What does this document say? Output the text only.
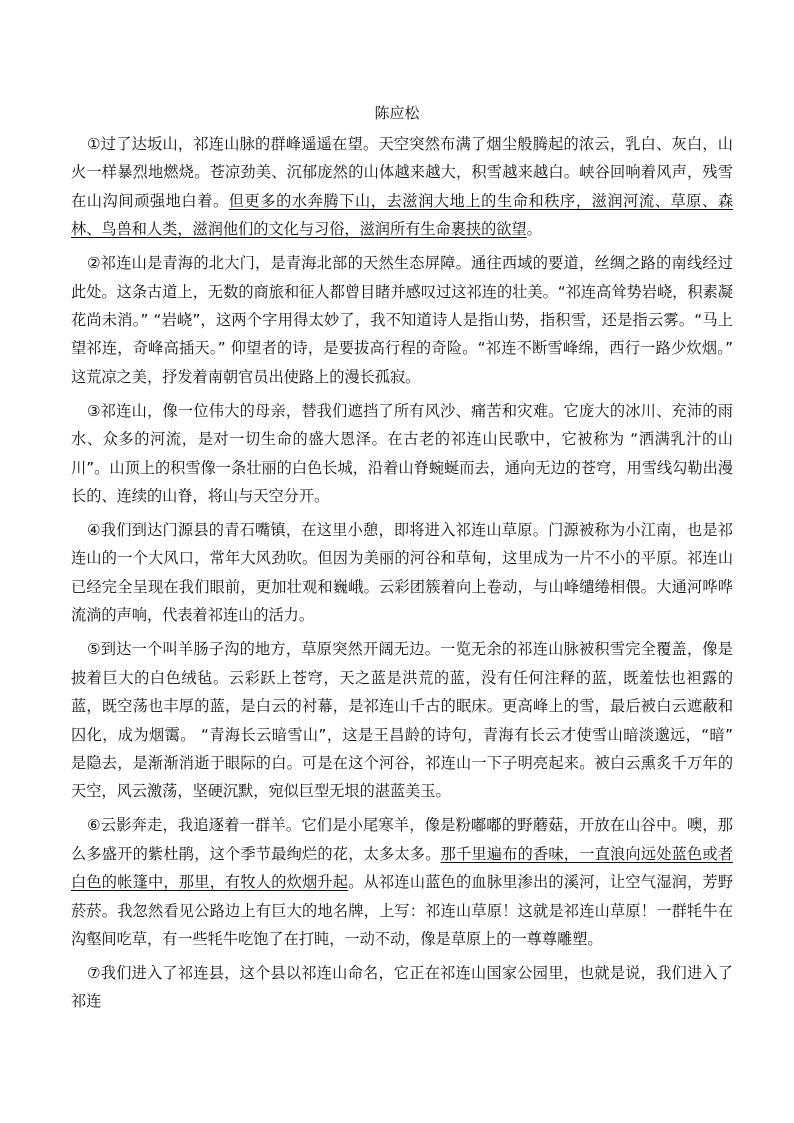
陈应松

①过了达坂山，祁连山脉的群峰遥遥在望。天空突然布满了烟尘般腾起的浓云，乳白、灰白，山火一样暴烈地燃烧。苍凉劲美、沉郁庞然的山体越来越大，积雪越来越白。峡谷回响着风声，残雪在山沟间顽强地白着。但更多的水奔腾下山，去滋润大地上的生命和秩序，滋润河流、草原、森林、鸟兽和人类，滋润他们的文化与习俗，滋润所有生命裹挟的欲望。

②祁连山是青海的北大门，是青海北部的天然生态屏障。通往西域的要道，丝绸之路的南线经过此处。这条古道上，无数的商旅和征人都曾目睹并感叹过这祁连的壮美。“祁连高耸势岩峣，积素凝花尚未消。” “岩峣”，这两个字用得太妙了，我不知道诗人是指山势，指积雪，还是指云雾。“马上望祁连，奇峰高插天。” 仰望者的诗，是要拔高行程的奇险。“祁连不断雪峰绵，西行一路少炊烟。” 这荒凉之美，抒发着南朝官员出使路上的漫长孤寂。

③祁连山，像一位伟大的母亲，替我们遮挡了所有风沙、痛苦和灾难。它庞大的冰川、充沛的雨水、众多的河流，是对一切生命的盛大恩泽。在古老的祁连山民歌中，它被称为 “洒满乳汁的山川”。山顶上的积雪像一条壮丽的白色长城，沿着山脊蜿蜒而去，通向无边的苍穹，用雪线勾勒出漫长的、连续的山脊，将山与天空分开。

④我们到达门源县的青石嘴镇，在这里小憩，即将进入祁连山草原。门源被称为小江南，也是祁连山的一个大风口，常年大风劲吹。但因为美丽的河谷和草甸，这里成为一片不小的平原。祁连山已经完全呈现在我们眼前，更加壮观和巍峨。云彩团簇着向上卷动，与山峰缱绻相偎。大通河哗哗流淌的声响，代表着祁连山的活力。

⑤到达一个叫羊肠子沟的地方，草原突然开阔无边。一览无余的祁连山脉被积雪完全覆盖，像是披着巨大的白色绒毡。云彩跃上苍穹，天之蓝是洪荒的蓝，没有任何注释的蓝，既羞怯也袒露的蓝，既空荡也丰厚的蓝，是白云的衬幕，是祁连山千古的眠床。更高峰上的雪，最后被白云遮蔽和囚化，成为烟霭。 “青海长云暗雪山”，这是王昌龄的诗句，青海有长云才使雪山暗淡邈远，“暗” 是隐去，是渐渐消逝于眼际的白。可是在这个河谷，祁连山一下子明亮起来。被白云熏炙千万年的天空，风云激荡，坚硬沉默，宛似巨型无垠的湛蓝美玉。

⑥云影奔走，我追逐着一群羊。它们是小尾寒羊，像是粉嘟嘟的野蘑菇，开放在山谷中。噢，那么多盛开的紫杜鹃，这个季节最绚烂的花，太多太多。那千里遍布的香味，一直浪向远处蓝色或者白色的帐篷中，那里，有牧人的炊烟升起。从祁连山蓝色的血脉里渗出的溪河，让空气湿润，芳野菸菸。我忽然看见公路边上有巨大的地名牌，上写：祁连山草原！这就是祁连山草原！一群牦牛在沟壑间吃草，有一些牦牛吃饱了在打盹，一动不动，像是草原上的一尊尊雕塑。

⑦我们进入了祁连县，这个县以祁连山命名，它正在祁连山国家公园里，也就是说，我们进入了祁连
